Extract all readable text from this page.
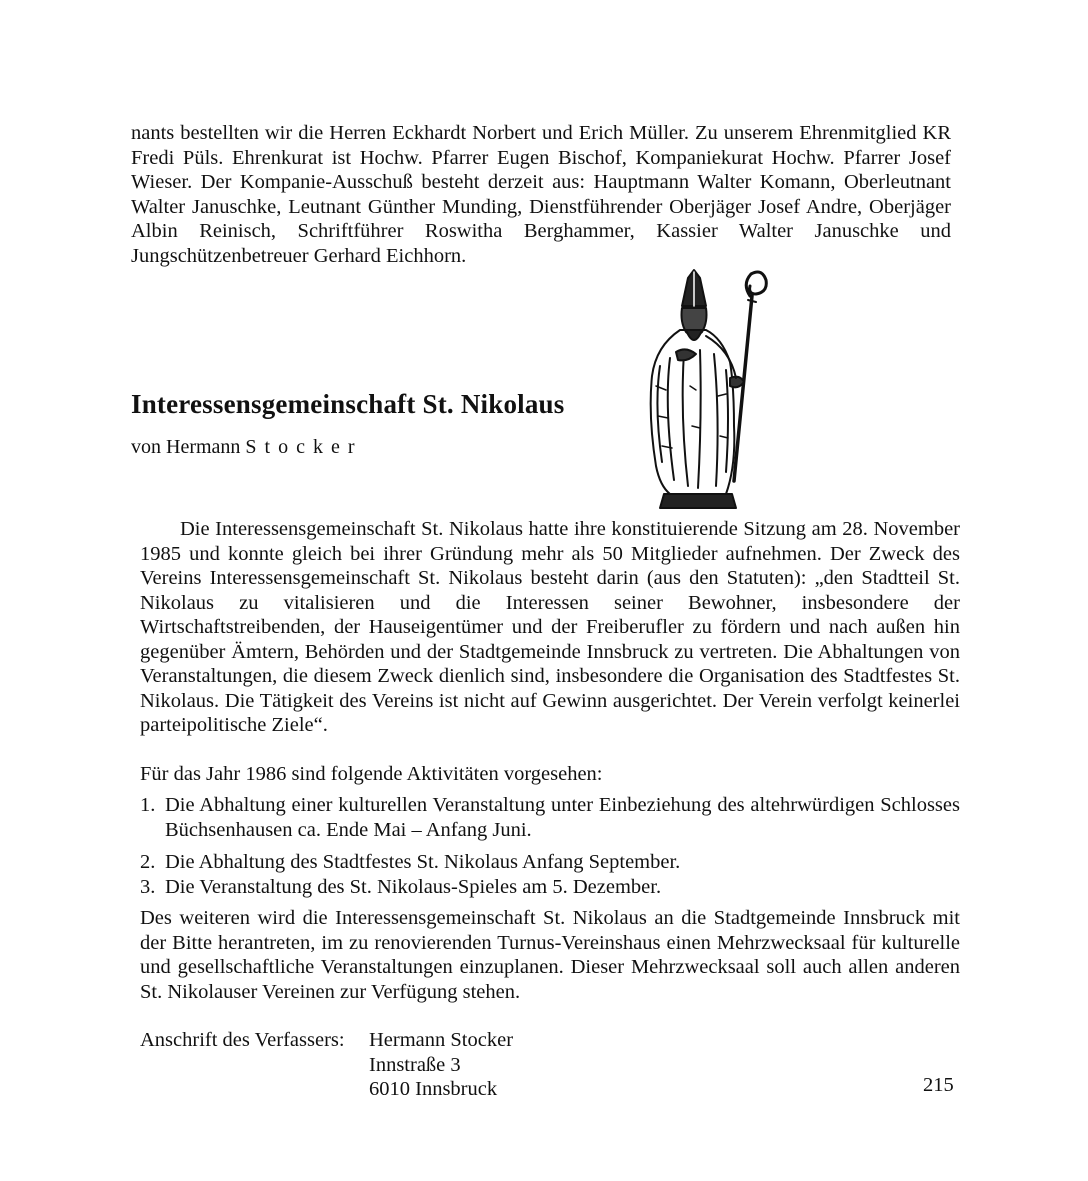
nants bestellten wir die Herren Eckhardt Norbert und Erich Müller. Zu unserem Ehrenmitglied KR Fredi Püls. Ehrenkurat ist Hochw. Pfarrer Eugen Bischof, Kompaniekurat Hochw. Pfarrer Josef Wieser. Der Kompanie-Ausschuß besteht derzeit aus: Hauptmann Walter Komann, Oberleutnant Walter Januschke, Leutnant Günther Munding, Dienstführender Oberjäger Josef Andre, Oberjäger Albin Reinisch, Schriftführer Roswitha Berghammer, Kassier Walter Januschke und Jungschützenbetreuer Gerhard Eichhorn.
Interessensgemeinschaft St. Nikolaus
von Hermann Stocker
Die Interessensgemeinschaft St. Nikolaus hatte ihre konstituierende Sitzung am 28. November 1985 und konnte gleich bei ihrer Gründung mehr als 50 Mitglieder aufnehmen. Der Zweck des Vereins Interessensgemeinschaft St. Nikolaus besteht darin (aus den Statuten): „den Stadtteil St. Nikolaus zu vitalisieren und die Interessen seiner Bewohner, insbesondere der Wirtschaftstreibenden, der Hauseigentümer und der Freiberufler zu fördern und nach außen hin gegenüber Ämtern, Behörden und der Stadtgemeinde Innsbruck zu vertreten. Die Abhaltungen von Veranstaltungen, die diesem Zweck dienlich sind, insbesondere die Organisation des Stadtfestes St. Nikolaus. Die Tätigkeit des Vereins ist nicht auf Gewinn ausgerichtet. Der Verein verfolgt keinerlei parteipolitische Ziele“.
Für das Jahr 1986 sind folgende Aktivitäten vorgesehen:
1. Die Abhaltung einer kulturellen Veranstaltung unter Einbeziehung des altehrwürdigen Schlosses Büchsenhausen ca. Ende Mai – Anfang Juni.
2. Die Abhaltung des Stadtfestes St. Nikolaus Anfang September.
3. Die Veranstaltung des St. Nikolaus-Spieles am 5. Dezember.
Des weiteren wird die Interessensgemeinschaft St. Nikolaus an die Stadtgemeinde Innsbruck mit der Bitte herantreten, im zu renovierenden Turnus-Vereinshaus einen Mehrzwecksaal für kulturelle und gesellschaftliche Veranstaltungen einzuplanen. Dieser Mehrzwecksaal soll auch allen anderen St. Nikolauser Vereinen zur Verfügung stehen.
Anschrift des Verfassers:	Hermann Stocker
Innstraße 3
6010 Innsbruck	215
